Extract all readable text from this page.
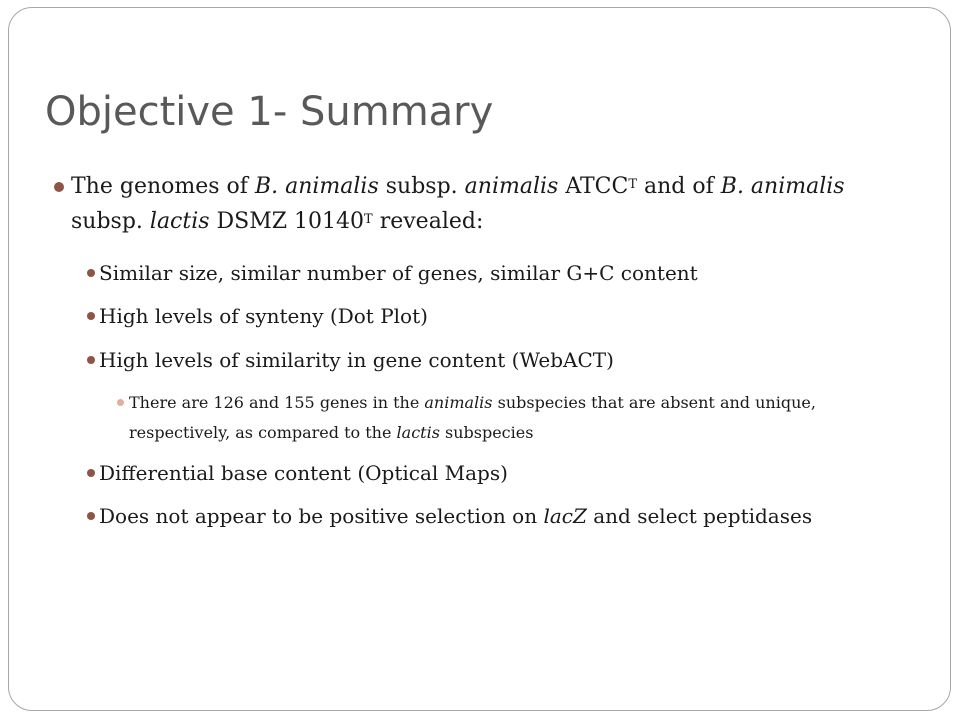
Objective 1- Summary
The genomes of B. animalis subsp. animalis $ATCC^T$ and of B. animalis subsp. lactis DSMZ $10140^T$ revealed:
Similar size, similar number of genes, similar G+C content
High levels of synteny (Dot Plot)
High levels of similarity in gene content (WebACT)
There are 126 and 155 genes in the animalis subspecies that are absent and unique, respectively, as compared to the lactis subspecies
Differential base content (Optical Maps)
Does not appear to be positive selection on lacZ and select peptidases
